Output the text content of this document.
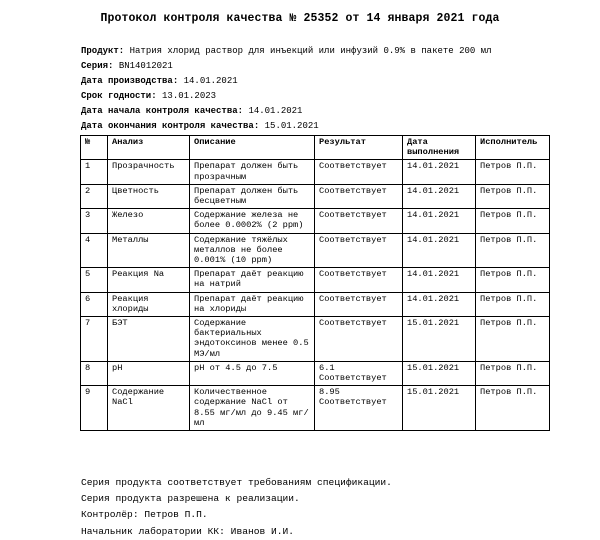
Протокол контроля качества № 25352 от 14 января 2021 года
Продукт: Натрия хлорид раствор для инъекций или инфузий 0.9% в пакете 200 мл
Серия: BN14012021
Дата производства: 14.01.2021
Срок годности: 13.01.2023
Дата начала контроля качества: 14.01.2021
Дата окончания контроля качества: 15.01.2021
№	Анализ	Описание	Результат	Дата выполнения	Исполнитель
1	Прозрачность	Препарат должен быть прозрачным	Соответствует	14.01.2021	Петров П.П.
2	Цветность	Препарат должен быть бесцветным	Соответствует	14.01.2021	Петров П.П.
3	Железо	Содержание железа не более 0.0002% (2 ppm)	Соответствует	14.01.2021	Петров П.П.
4	Металлы	Содержание тяжёлых металлов не более 0.001% (10 ppm)	Соответствует	14.01.2021	Петров П.П.
5	Реакция Na	Препарат даёт реакцию на натрий	Соответствует	14.01.2021	Петров П.П.
6	Реакция хлориды	Препарат даёт реакцию на хлориды	Соответствует	14.01.2021	Петров П.П.
7	БЭТ	Содержание бактериальных эндотоксинов менее 0.5 МЭ/мл	Соответствует	15.01.2021	Петров П.П.
8	pH	pH от 4.5 до 7.5	6.1 Соответствует	15.01.2021	Петров П.П.
9	Содержание NaCl	Количественное содержание NaCl от 8.55 мг/мл до 9.45 мг/мл	8.95 Соответствует	15.01.2021	Петров П.П.
Серия продукта соответствует требованиям спецификации.
Серия продукта разрешена к реализации.
Контролёр: Петров П.П.
Начальник лаборатории КК: Иванов И.И.
